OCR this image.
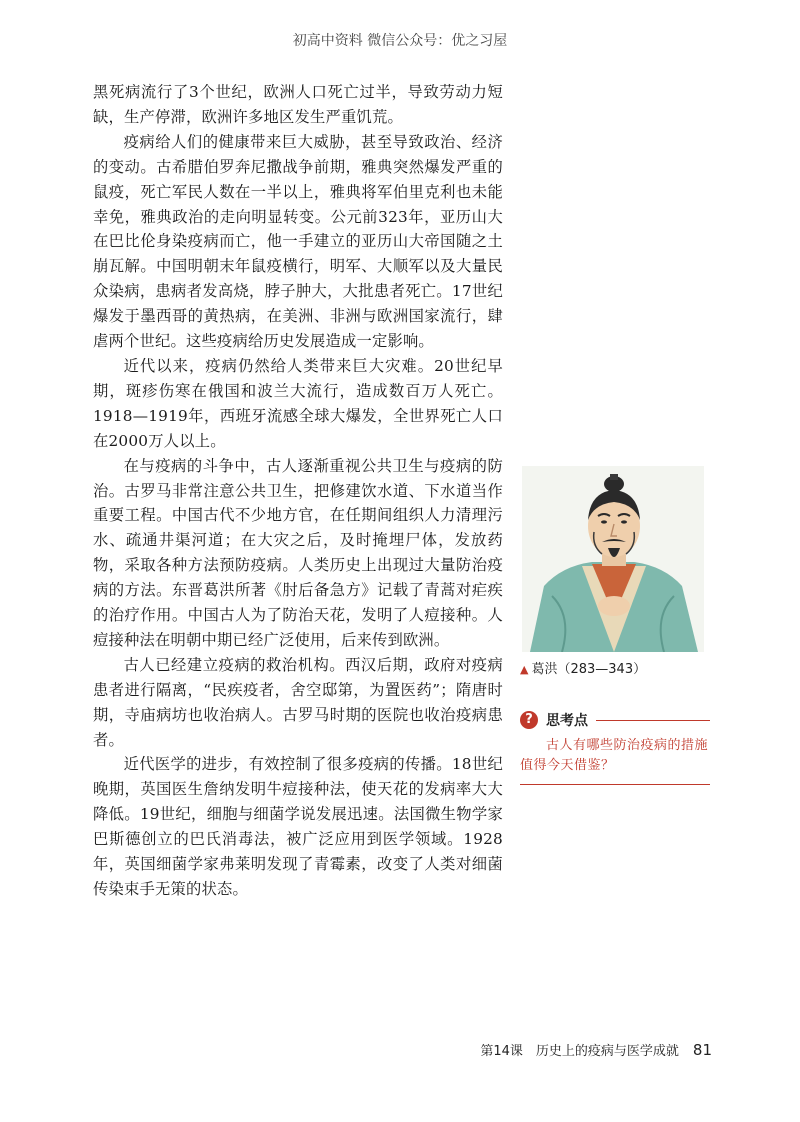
初高中资料 微信公众号：优之习屋

黑死病流行了3个世纪，欧洲人口死亡过半，导致劳动力短缺，生产停滞，欧洲许多地区发生严重饥荒。

疫病给人们的健康带来巨大威胁，甚至导致政治、经济的变动。古希腊伯罗奔尼撒战争前期，雅典突然爆发严重的鼠疫，死亡军民人数在一半以上，雅典将军伯里克利也未能幸免，雅典政治的走向明显转变。公元前323年，亚历山大在巴比伦身染疫病而亡，他一手建立的亚历山大帝国随之土崩瓦解。中国明朝末年鼠疫横行，明军、大顺军以及大量民众染病，患病者发高烧，脖子肿大，大批患者死亡。17世纪爆发于墨西哥的黄热病，在美洲、非洲与欧洲国家流行，肆虐两个世纪。这些疫病给历史发展造成一定影响。

近代以来，疫病仍然给人类带来巨大灾难。20世纪早期，斑疹伤寒在俄国和波兰大流行，造成数百万人死亡。1918—1919年，西班牙流感全球大爆发，全世界死亡人口在2000万人以上。

在与疫病的斗争中，古人逐渐重视公共卫生与疫病的防治。古罗马非常注意公共卫生，把修建饮水道、下水道当作重要工程。中国古代不少地方官，在任期间组织人力清理污水、疏通井渠河道；在大灾之后，及时掩埋尸体，发放药物，采取各种方法预防疫病。人类历史上出现过大量防治疫病的方法。东晋葛洪所著《肘后备急方》记载了青蒿对疟疾的治疗作用。中国古人为了防治天花，发明了人痘接种。人痘接种法在明朝中期已经广泛使用，后来传到欧洲。

古人已经建立疫病的救治机构。西汉后期，政府对疫病患者进行隔离，“民疾疫者，舍空邸第，为置医药”；隋唐时期，寺庙病坊也收治病人。古罗马时期的医院也收治疫病患者。

近代医学的进步，有效控制了很多疫病的传播。18世纪晚期，英国医生詹纳发明牛痘接种法，使天花的发病率大大降低。19世纪，细胞与细菌学说发展迅速。法国微生物学家巴斯德创立的巴氏消毒法，被广泛应用到医学领域。1928年，英国细菌学家弗莱明发现了青霉素，改变了人类对细菌传染束手无策的状态。

▲ 葛洪（283—343）
? 思考点
古人有哪些防治疫病的措施值得今天借鉴？
第14课　历史上的疫病与医学成就 81
